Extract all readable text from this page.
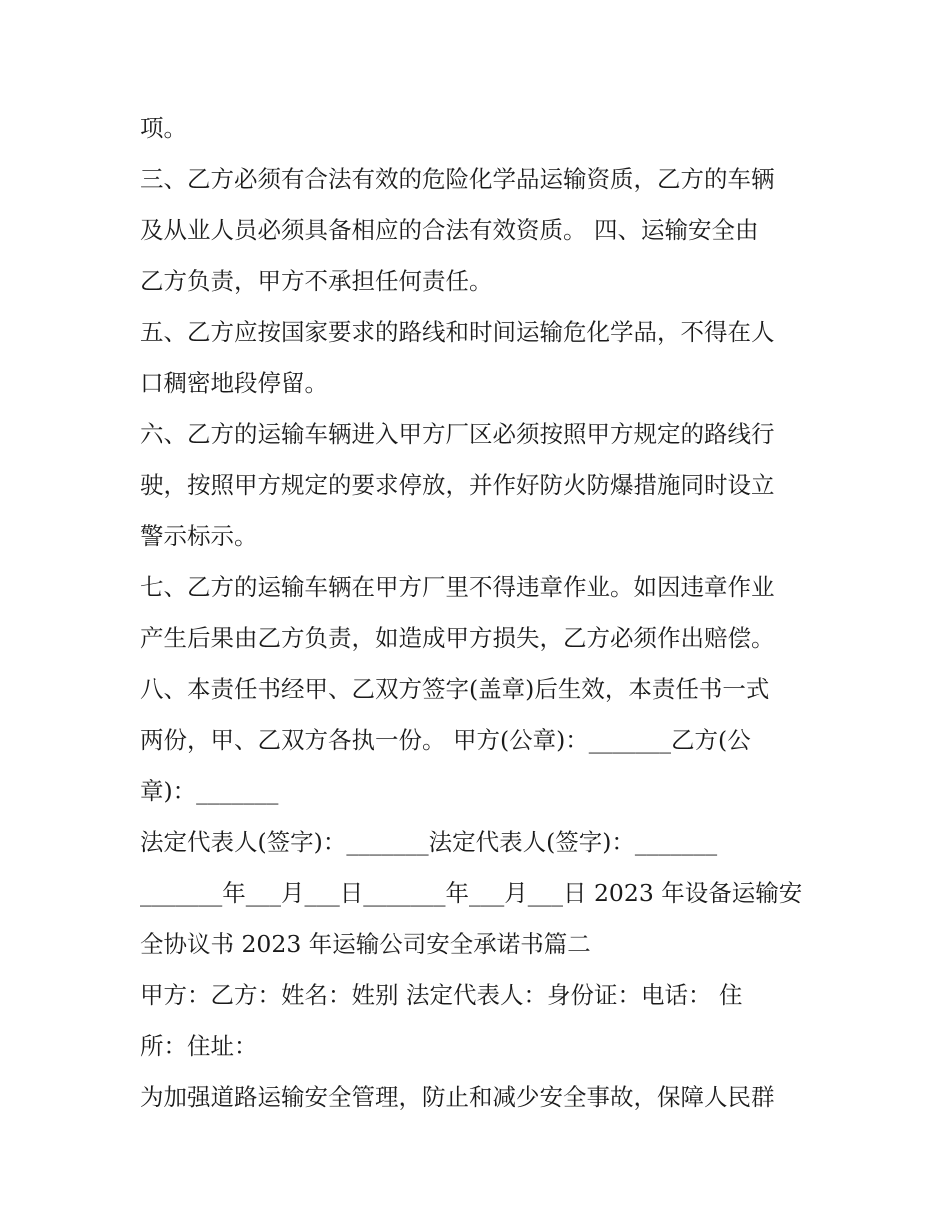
项。
三、乙方必须有合法有效的危险化学品运输资质，乙方的车辆
及从业人员必须具备相应的合法有效资质。 四、运输安全由
乙方负责，甲方不承担任何责任。
五、乙方应按国家要求的路线和时间运输危化学品，不得在人
口稠密地段停留。
六、乙方的运输车辆进入甲方厂区必须按照甲方规定的路线行
驶，按照甲方规定的要求停放，并作好防火防爆措施同时设立
警示标示。
七、乙方的运输车辆在甲方厂里不得违章作业。如因违章作业
产生后果由乙方负责，如造成甲方损失，乙方必须作出赔偿。
八、本责任书经甲、乙双方签字(盖章)后生效，本责任书一式
两份，甲、乙双方各执一份。 甲方(公章)：_______乙方(公
章)：_______
法定代表人(签字)：_______法定代表人(签字)：_______
_______年___月___日_______年___月___日 2023 年设备运输安
全协议书 2023 年运输公司安全承诺书篇二
甲方：乙方：姓名：姓别 法定代表人：身份证：电话： 住
所：住址：
为加强道路运输安全管理，防止和减少安全事故，保障人民群
